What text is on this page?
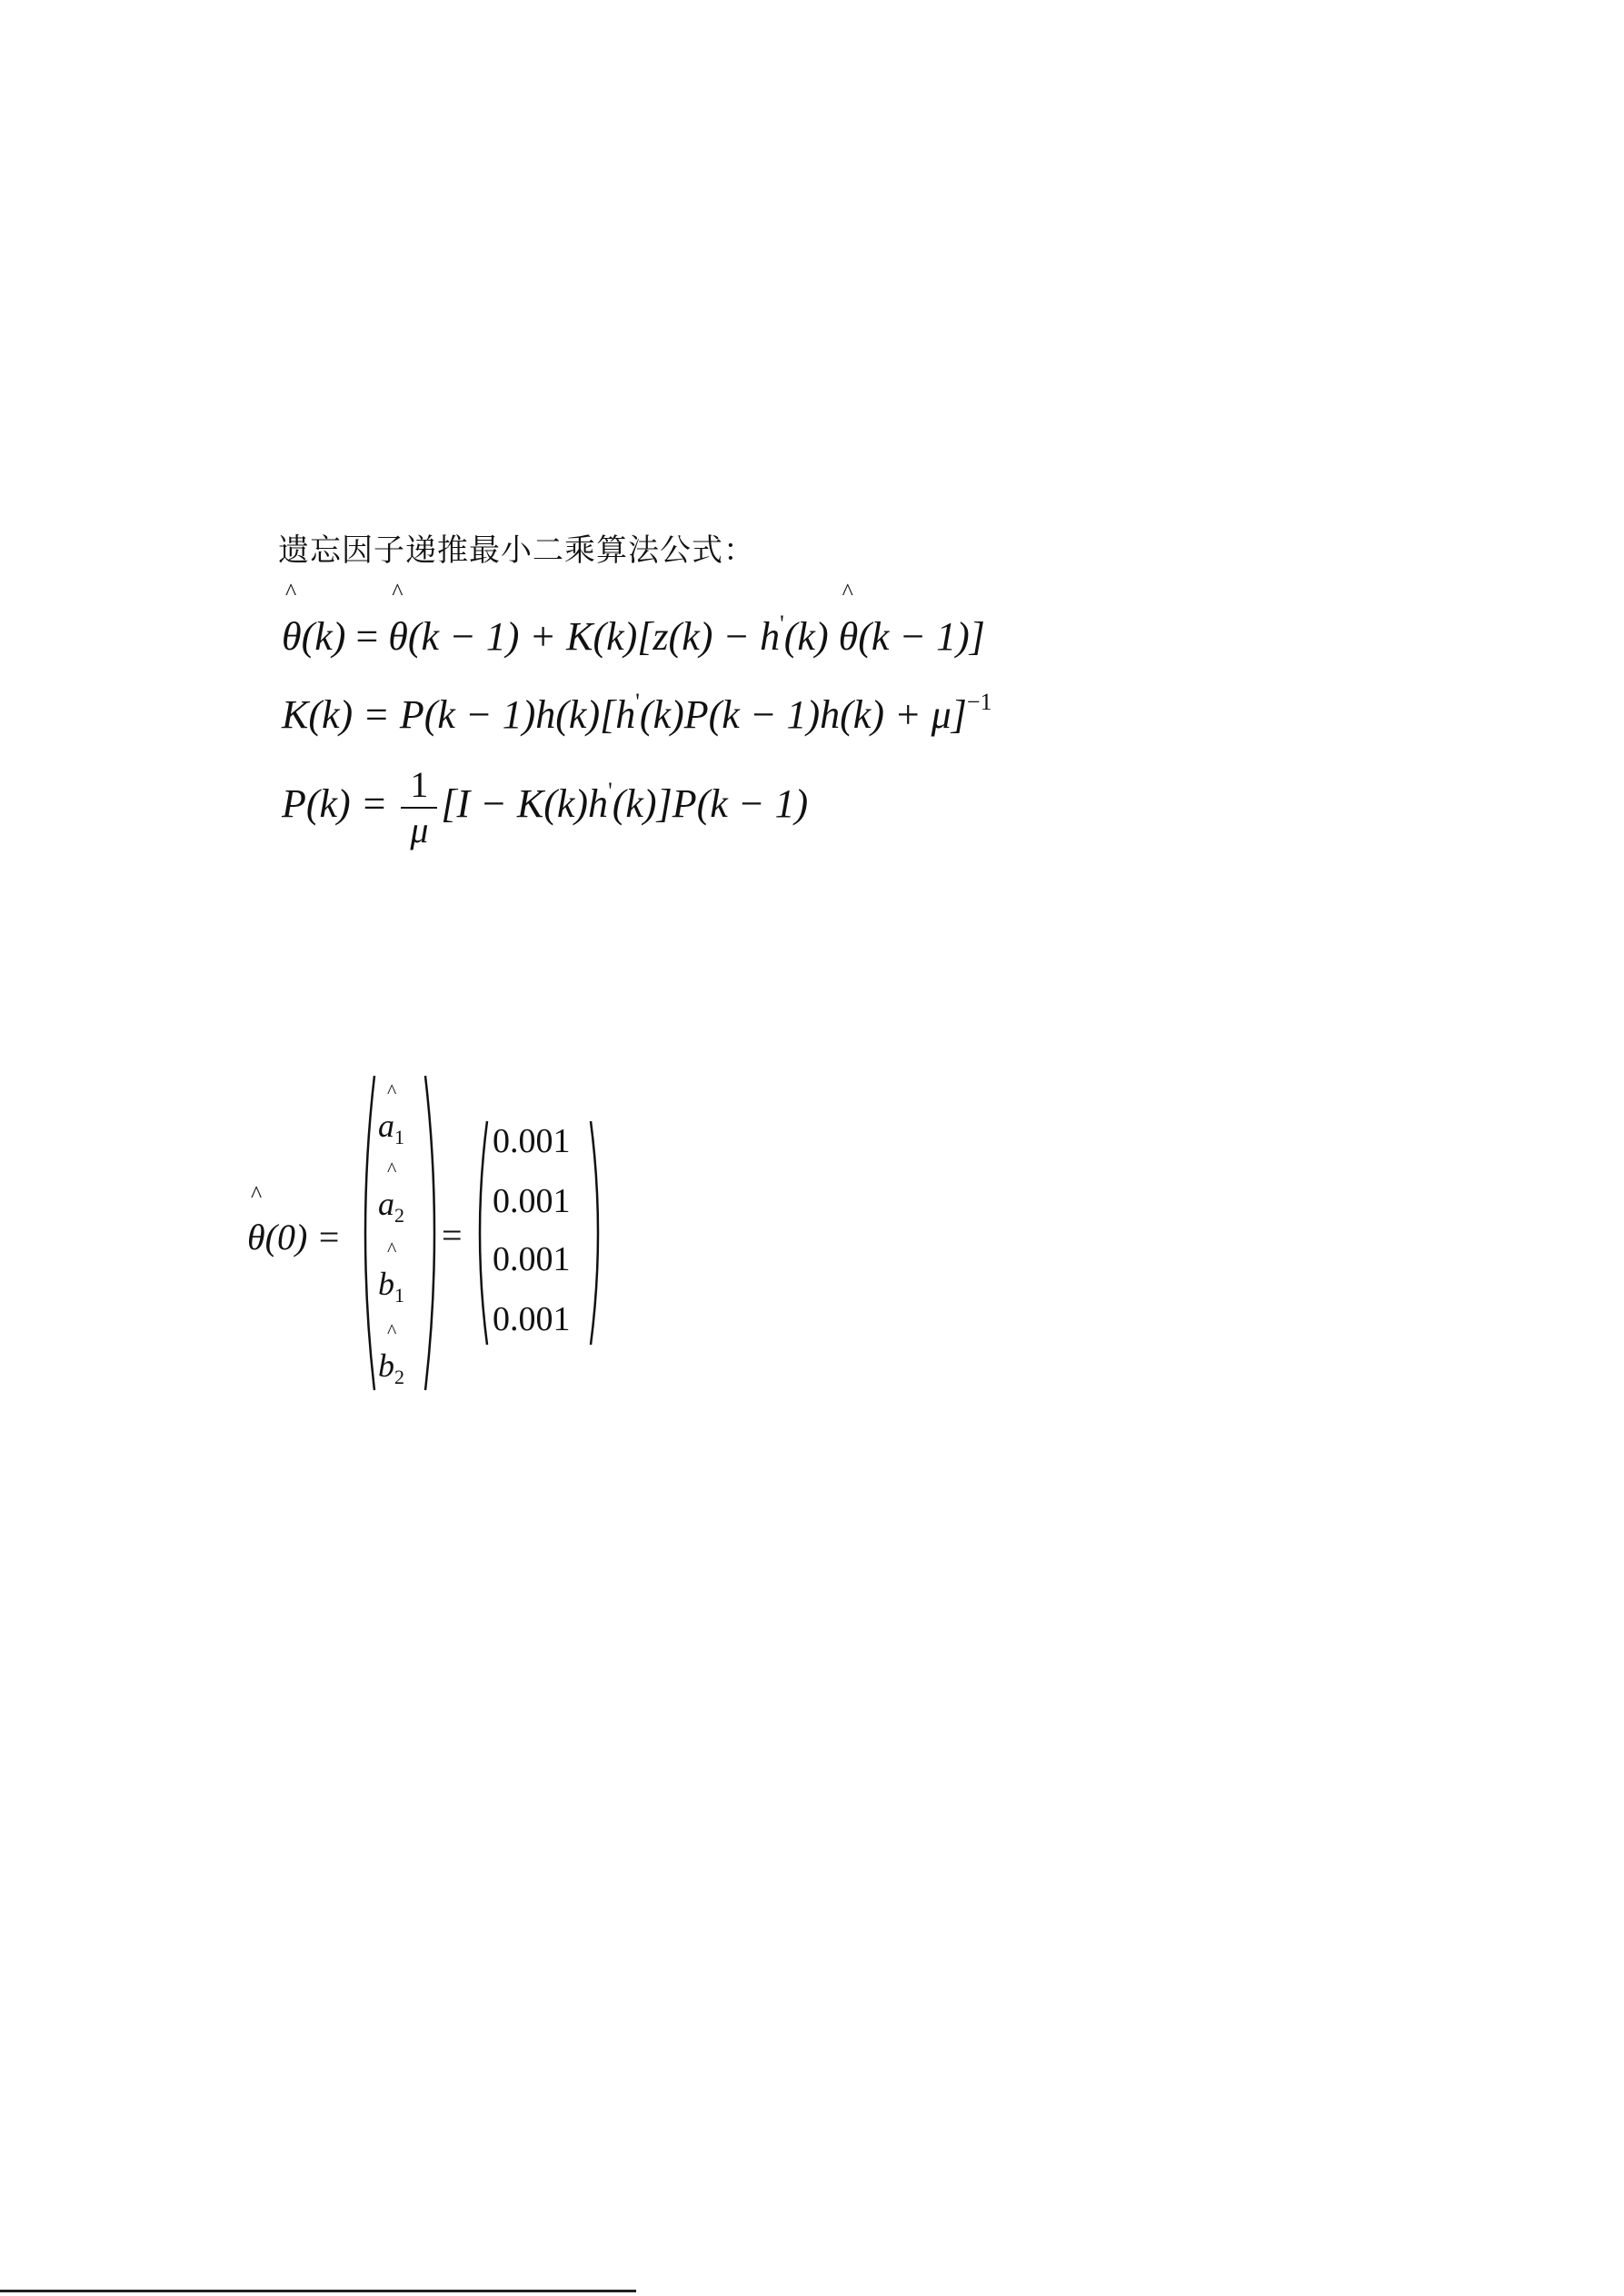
遗忘因子递推最小二乘算法公式：
^ θ(k) = ^ θ(k − 1) + K(k)[z(k) − h'(k) ^ θ(k − 1)]
$K(k) = P(k - 1)h(k)[h'(k)P(k - 1)h(k) + \mu]^{-1}$
$P(k) = \frac{1}{\mu} [I - K(k)h'(k)]P(k - 1)$
^ θ(0) =
^
$a_1$
^
$a_2$
^
$b_1$
^
$b_2$
=
0.001
0.001
0.001
0.001
